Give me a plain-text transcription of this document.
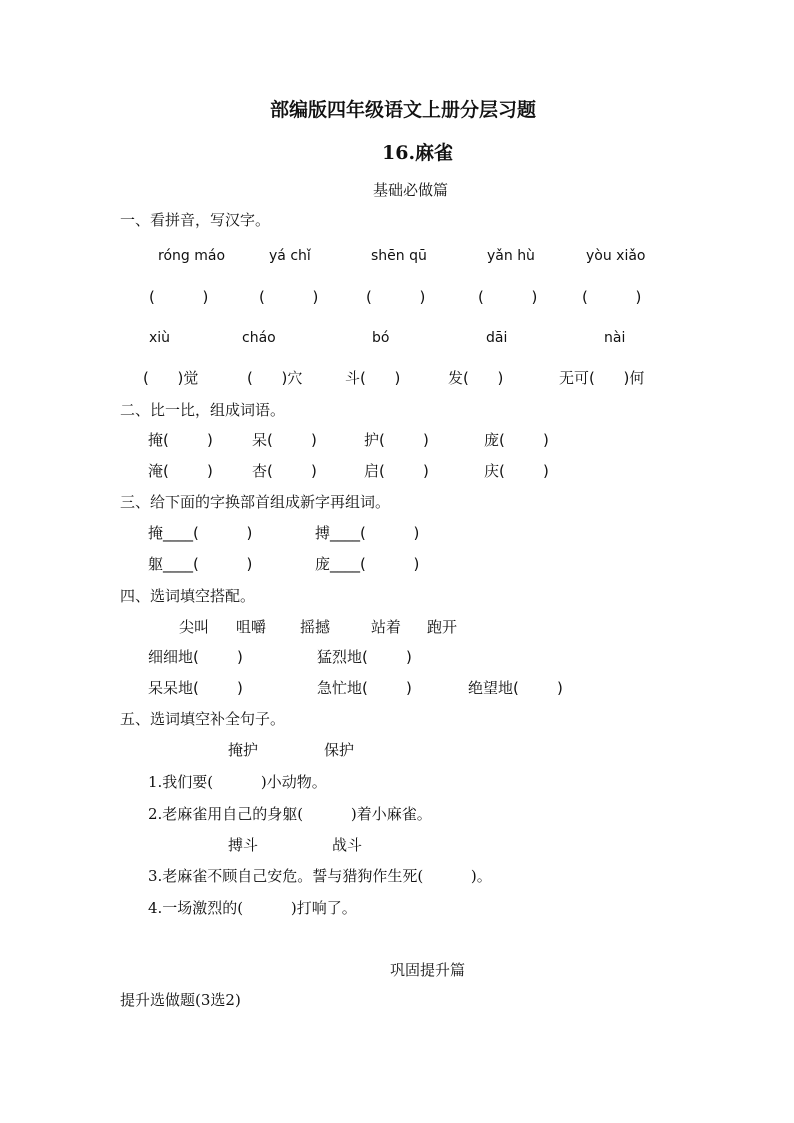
部编版四年级语文上册分层习题
16.麻雀
基础必做篇
一、看拼音，写汉字。
róng máo	yá chǐ	shēn qū	yǎn hù	yòu xiǎo
(          )	(          )	(          )	(          )	(          )
xiù	cháo	bó	dāi	nài
(      )觉	(      )穴	斗(      )	发(      )	无可(      )何
二、比一比，组成词语。
掩(        )	呆(        )	护(        )	庞(        )
淹(        )	杏(        )	启(        )	庆(        )
三、给下面的字换部首组成新字再组词。
掩____(          )	搏____(          )
躯____(          )	庞____(          )
四、选词填空搭配。
尖叫 咀嚼 摇撼	站着 跑开
细细地(        )	猛烈地(        )
呆呆地(        )	急忙地(        )	绝望地(        )
五、选词填空补全句子。
掩护	保护
1.我们要(          )小动物。
2.老麻雀用自己的身躯(          )着小麻雀。
搏斗	战斗
3.老麻雀不顾自己安危。誓与猎狗作生死(          )。
4.一场激烈的(          )打响了。
巩固提升篇
提升选做题(3选2)
